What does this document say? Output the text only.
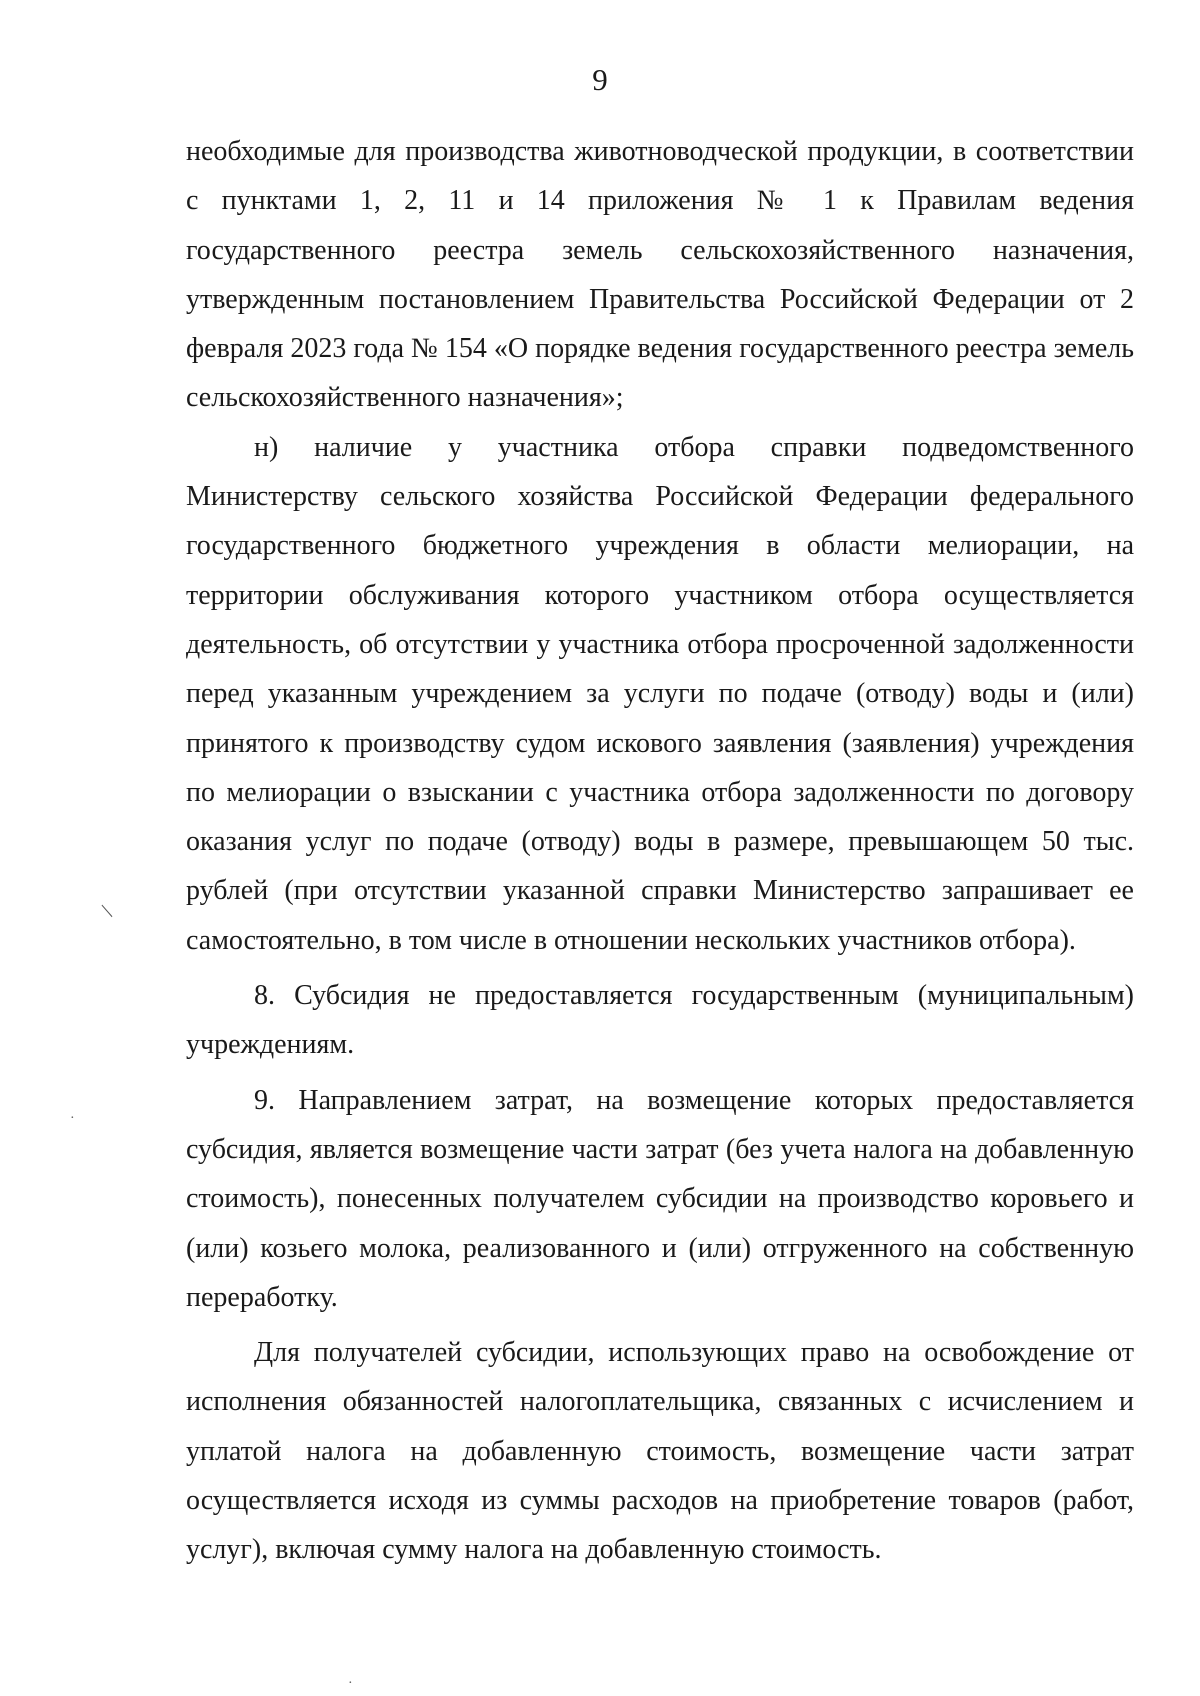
9

необходимые для производства животноводческой продукции, в соответствии с пунктами 1, 2, 11 и 14 приложения № 1 к Правилам ведения государственного реестра земель сельскохозяйственного назначения, утвержденным постановлением Правительства Российской Федерации от 2 февраля 2023 года № 154 «О порядке ведения государственного реестра земель сельскохозяйственного назначения»;

н) наличие у участника отбора справки подведомственного Министерству сельского хозяйства Российской Федерации федерального государственного бюджетного учреждения в области мелиорации, на территории обслуживания которого участником отбора осуществляется деятельность, об отсутствии у участника отбора просроченной задолженности перед указанным учреждением за услуги по подаче (отводу) воды и (или) принятого к производству судом искового заявления (заявления) учреждения по мелиорации о взыскании с участника отбора задолженности по договору оказания услуг по подаче (отводу) воды в размере, превышающем 50 тыс. рублей (при отсутствии указанной справки Министерство запрашивает ее самостоятельно, в том числе в отношении нескольких участников отбора).

8. Субсидия не предоставляется государственным (муниципальным) учреждениям.

9. Направлением затрат, на возмещение которых предоставляется субсидия, является возмещение части затрат (без учета налога на добавленную стоимость), понесенных получателем субсидии на производство коровьего и (или) козьего молока, реализованного и (или) отгруженного на собственную переработку.

Для получателей субсидии, использующих право на освобождение от исполнения обязанностей налогоплательщика, связанных с исчислением и уплатой налога на добавленную стоимость, возмещение части затрат осуществляется исходя из суммы расходов на приобретение товаров (работ, услуг), включая сумму налога на добавленную стоимость.

/
·
·
